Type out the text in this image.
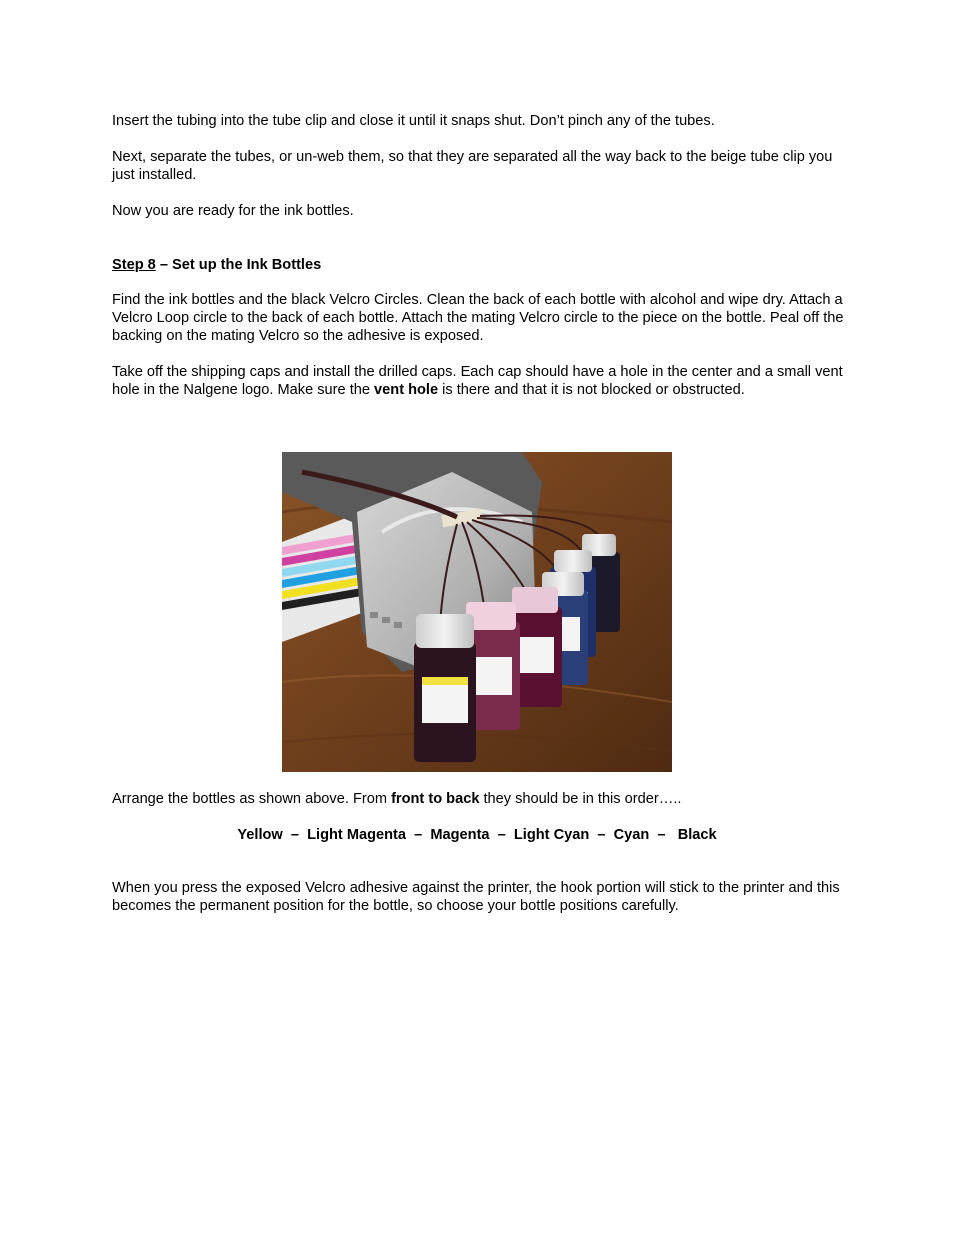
Insert the tubing into the tube clip and close it until it snaps shut. Don’t pinch any of the tubes.

Next, separate the tubes, or un-web them, so that they are separated all the way back to the beige tube clip you just installed.

Now you are ready for the ink bottles.

Step 8 – Set up the Ink Bottles

Find the ink bottles and the black Velcro Circles. Clean the back of each bottle with alcohol and wipe dry. Attach a Velcro Loop circle to the back of each bottle. Attach the mating Velcro circle to the piece on the bottle. Peal off the backing on the mating Velcro so the adhesive is exposed.

Take off the shipping caps and install the drilled caps. Each cap should have a hole in the center and a small vent hole in the Nalgene logo. Make sure the vent hole is there and that it is not blocked or obstructed.

Arrange the bottles as shown above. From front to back they should be in this order…..

Yellow  –  Light Magenta  –  Magenta  –  Light Cyan  –  Cyan  –   Black

When you press the exposed Velcro adhesive against the printer, the hook portion will stick to the printer and this becomes the permanent position for the bottle, so choose your bottle positions carefully.
